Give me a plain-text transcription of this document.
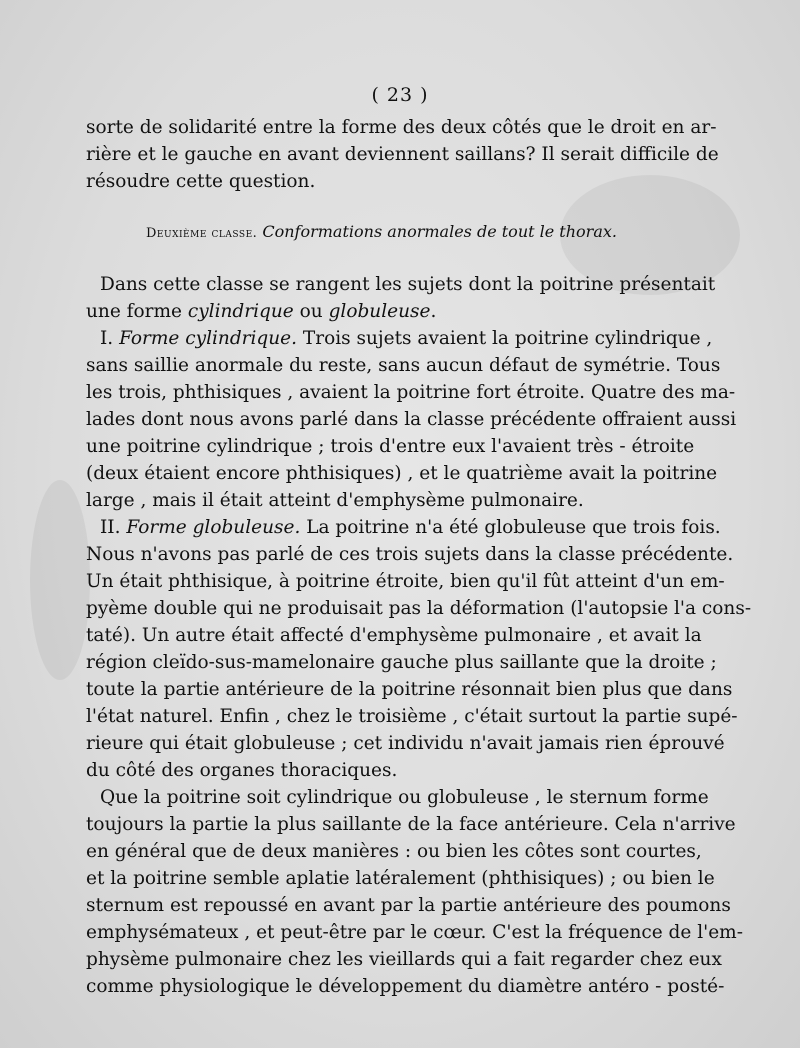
( 23 )
sorte de solidarité entre la forme des deux côtés que le droit en ar-
rière et le gauche en avant deviennent saillans? Il serait difficile de
résoudre cette question.
Deuxième classe. Conformations anormales de tout le thorax.
Dans cette classe se rangent les sujets dont la poitrine présentait
une forme cylindrique ou globuleuse.
I. Forme cylindrique. Trois sujets avaient la poitrine cylindrique ,
sans saillie anormale du reste, sans aucun défaut de symétrie. Tous
les trois, phthisiques , avaient la poitrine fort étroite. Quatre des ma-
lades dont nous avons parlé dans la classe précédente offraient aussi
une poitrine cylindrique ; trois d'entre eux l'avaient très - étroite
(deux étaient encore phthisiques) , et le quatrième avait la poitrine
large , mais il était atteint d'emphysème pulmonaire.
II. Forme globuleuse. La poitrine n'a été globuleuse que trois fois.
Nous n'avons pas parlé de ces trois sujets dans la classe précédente.
Un était phthisique, à poitrine étroite, bien qu'il fût atteint d'un em-
pyème double qui ne produisait pas la déformation (l'autopsie l'a cons-
taté). Un autre était affecté d'emphysème pulmonaire , et avait la
région cleïdo-sus-mamelonaire gauche plus saillante que la droite ;
toute la partie antérieure de la poitrine résonnait bien plus que dans
l'état naturel. Enfin , chez le troisième , c'était surtout la partie supé-
rieure qui était globuleuse ; cet individu n'avait jamais rien éprouvé
du côté des organes thoraciques.
Que la poitrine soit cylindrique ou globuleuse , le sternum forme
toujours la partie la plus saillante de la face antérieure. Cela n'arrive
en général que de deux manières : ou bien les côtes sont courtes,
et la poitrine semble aplatie latéralement (phthisiques) ; ou bien le
sternum est repoussé en avant par la partie antérieure des poumons
emphysémateux , et peut-être par le cœur. C'est la fréquence de l'em-
physème pulmonaire chez les vieillards qui a fait regarder chez eux
comme physiologique le développement du diamètre antéro - posté-
